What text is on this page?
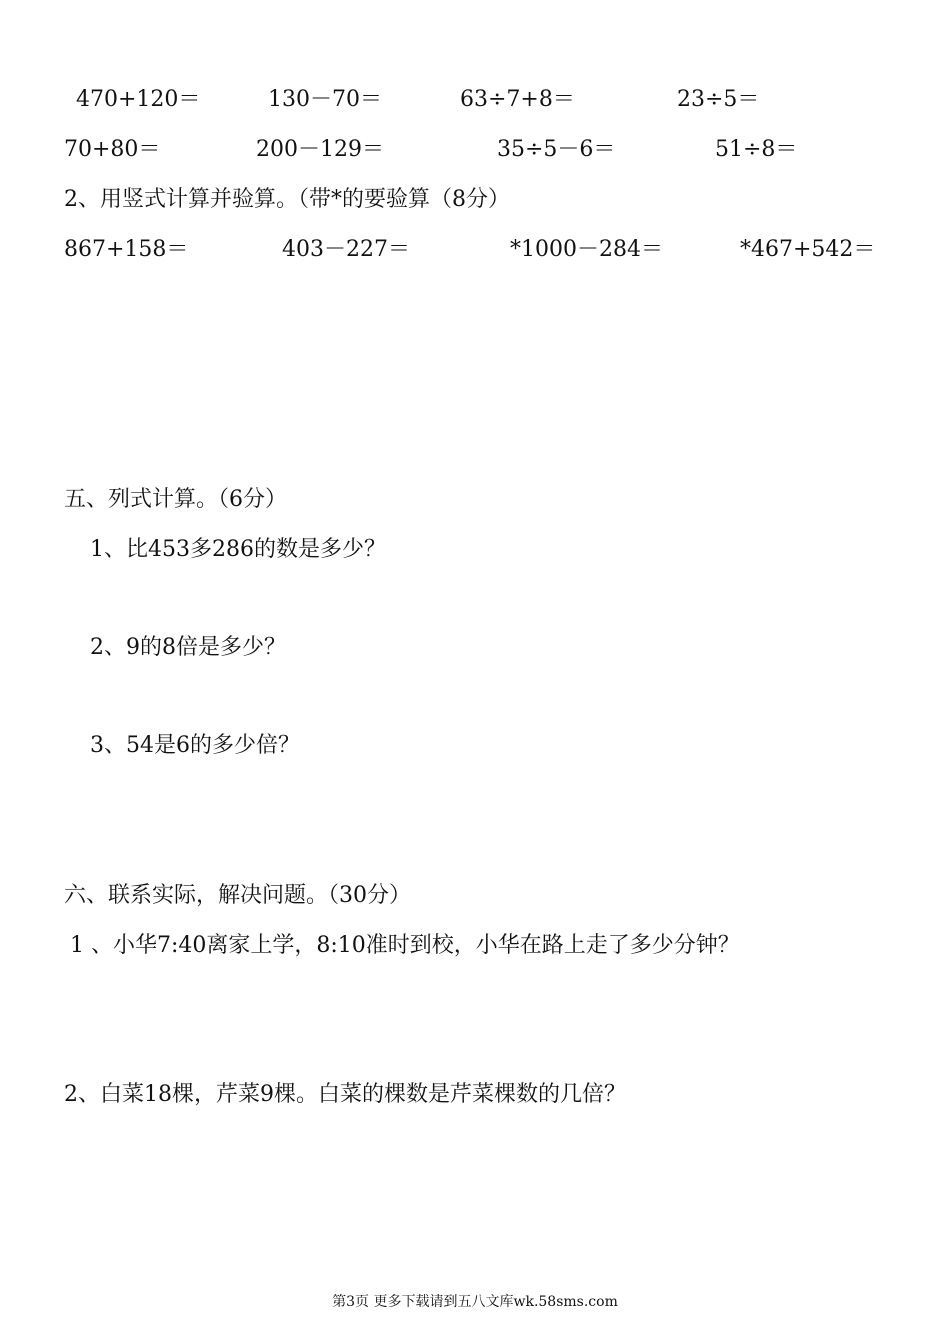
470+120＝	130－70＝	63÷7+8＝	23÷5＝
70+80＝	200－129＝	35÷5－6＝	51÷8＝
2、用竖式计算并验算。（带*的要验算（8分）
867+158＝	403－227＝	*1000－284＝	*467+542＝
五、列式计算。（6分）
1、比453多286的数是多少？
2、9的8倍是多少？
3、54是6的多少倍？
六、联系实际，解决问题。（30分）
1 、小华7:40离家上学，8:10准时到校，小华在路上走了多少分钟？
2、白菜18棵，芹菜9棵。白菜的棵数是芹菜棵数的几倍？
第3页 更多下载请到五八文库wk.58sms.com
